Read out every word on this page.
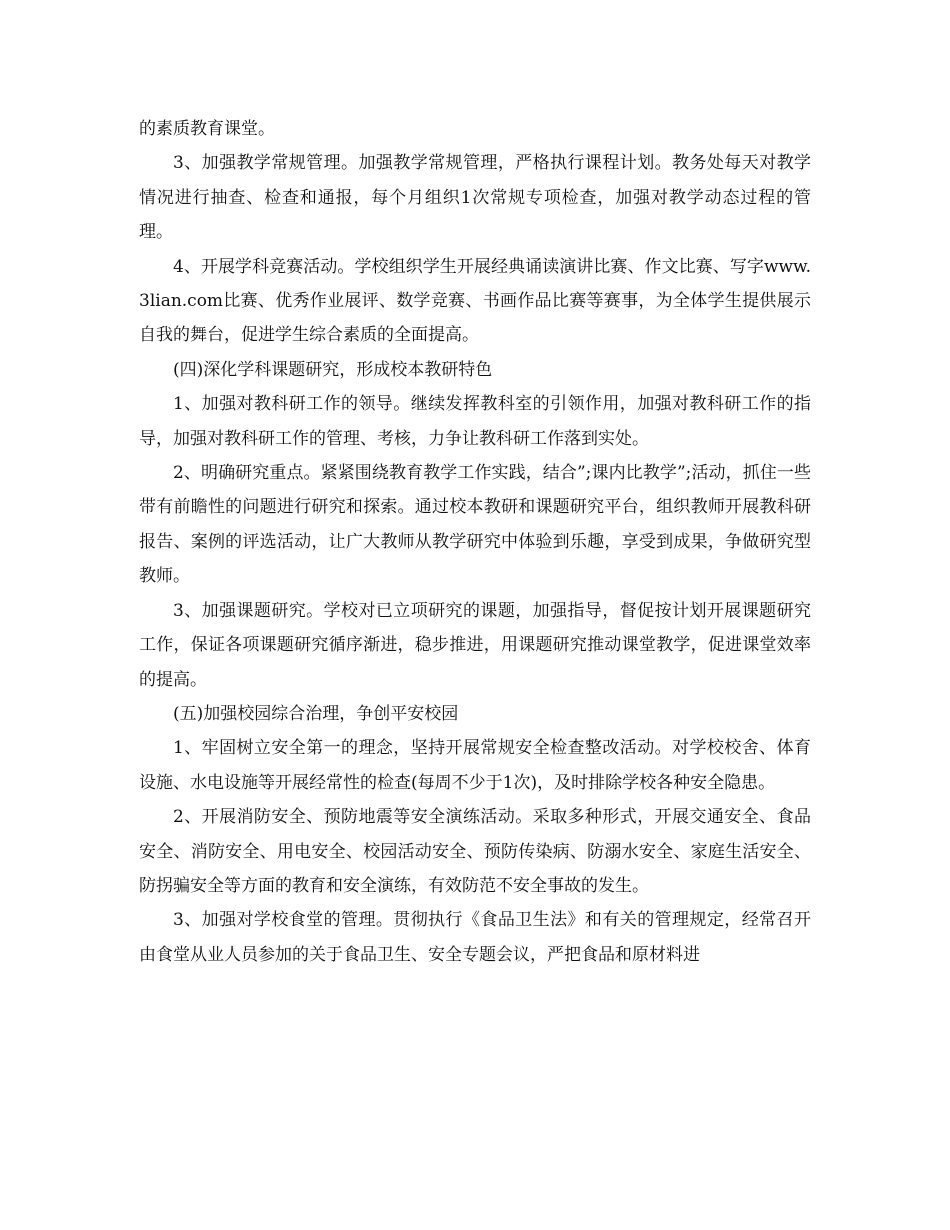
的素质教育课堂。

3、加强教学常规管理。加强教学常规管理，严格执行课程计划。教务处每天对教学情况进行抽查、检查和通报，每个月组织1次常规专项检查，加强对教学动态过程的管理。

4、开展学科竞赛活动。学校组织学生开展经典诵读演讲比赛、作文比赛、写字www.3lian.com比赛、优秀作业展评、数学竞赛、书画作品比赛等赛事，为全体学生提供展示自我的舞台，促进学生综合素质的全面提高。

(四)深化学科课题研究，形成校本教研特色

1、加强对教科研工作的领导。继续发挥教科室的引领作用，加强对教科研工作的指导，加强对教科研工作的管理、考核，力争让教科研工作落到实处。

2、明确研究重点。紧紧围绕教育教学工作实践，结合”;课内比教学”;活动，抓住一些带有前瞻性的问题进行研究和探索。通过校本教研和课题研究平台，组织教师开展教科研报告、案例的评选活动，让广大教师从教学研究中体验到乐趣，享受到成果，争做研究型教师。

3、加强课题研究。学校对已立项研究的课题，加强指导，督促按计划开展课题研究工作，保证各项课题研究循序渐进，稳步推进，用课题研究推动课堂教学，促进课堂效率的提高。

(五)加强校园综合治理，争创平安校园

1、牢固树立安全第一的理念，坚持开展常规安全检查整改活动。对学校校舍、体育设施、水电设施等开展经常性的检查(每周不少于1次)，及时排除学校各种安全隐患。

2、开展消防安全、预防地震等安全演练活动。采取多种形式，开展交通安全、食品安全、消防安全、用电安全、校园活动安全、预防传染病、防溺水安全、家庭生活安全、防拐骗安全等方面的教育和安全演练，有效防范不安全事故的发生。

3、加强对学校食堂的管理。贯彻执行《食品卫生法》和有关的管理规定，经常召开由食堂从业人员参加的关于食品卫生、安全专题会议，严把食品和原材料进
